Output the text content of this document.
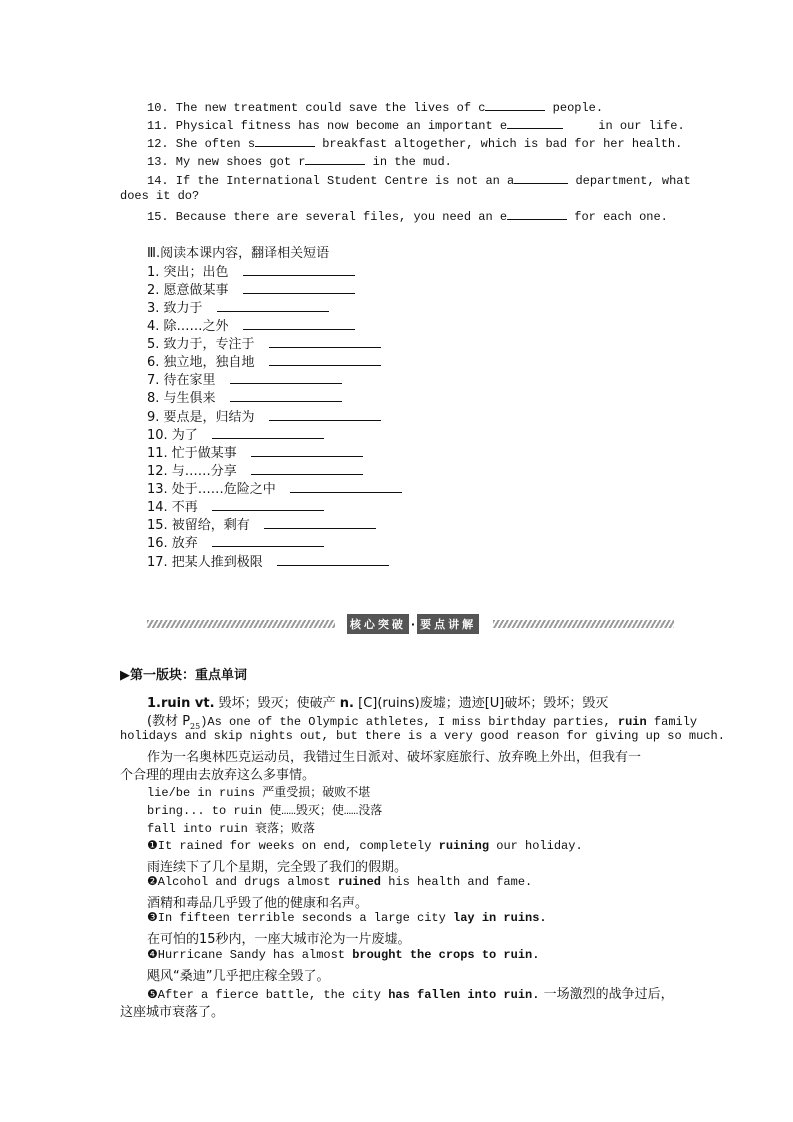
10. The new treatment could save the lives of c	people.
11. Physical fitness has now become an important e	in our life.
12. She often s	breakfast altogether, which is bad for her health.
13. My new shoes got r	in the mud.
14. If the International Student Centre is not an a	department, what
does it do?
15. Because there are several files, you need an e	for each one.
Ⅲ.阅读本课内容，翻译相关短语
1. 突出；出色
2. 愿意做某事
3. 致力于
4. 除……之外
5. 致力于，专注于
6. 独立地，独自地
7. 待在家里
8. 与生俱来
9. 要点是，归结为
10. 为了
11. 忙于做某事
12. 与……分享
13. 处于……危险之中
14. 不再
15. 被留给，剩有
16. 放弃
17. 把某人推到极限
核心突破 · 要点讲解
▶第一版块：重点单词
1.ruin vt. 毁坏；毁灭；使破产 n. [C](ruins)废墟；遗迹[U]破坏；毁坏；毁灭
(教材 $P_{25})As$ one of the Olympic athletes, I miss birthday parties, ruin family
holidays and skip nights out, but there is a very good reason for giving up so much.
作为一名奥林匹克运动员，我错过生日派对、破坏家庭旅行、放弃晚上外出，但我有一
个合理的理由去放弃这么多事情。
lie/be in ruins 严重受损；破败不堪
bring... to ruin 使……毁灭；使……没落
fall into ruin 衰落；败落
❶It rained for weeks on end, completely ruining our holiday.
雨连续下了几个星期，完全毁了我们的假期。
❷Alcohol and drugs almost ruined his health and fame.
酒精和毒品几乎毁了他的健康和名声。
❸In fifteen terrible seconds a large city lay in ruins.
在可怕的15秒内，一座大城市沦为一片废墟。
❹Hurricane Sandy has almost brought the crops to ruin.
飓风“桑迪”几乎把庄稼全毁了。
❺After a fierce battle, the city has fallen into ruin. 一场激烈的战争过后，
这座城市衰落了。
